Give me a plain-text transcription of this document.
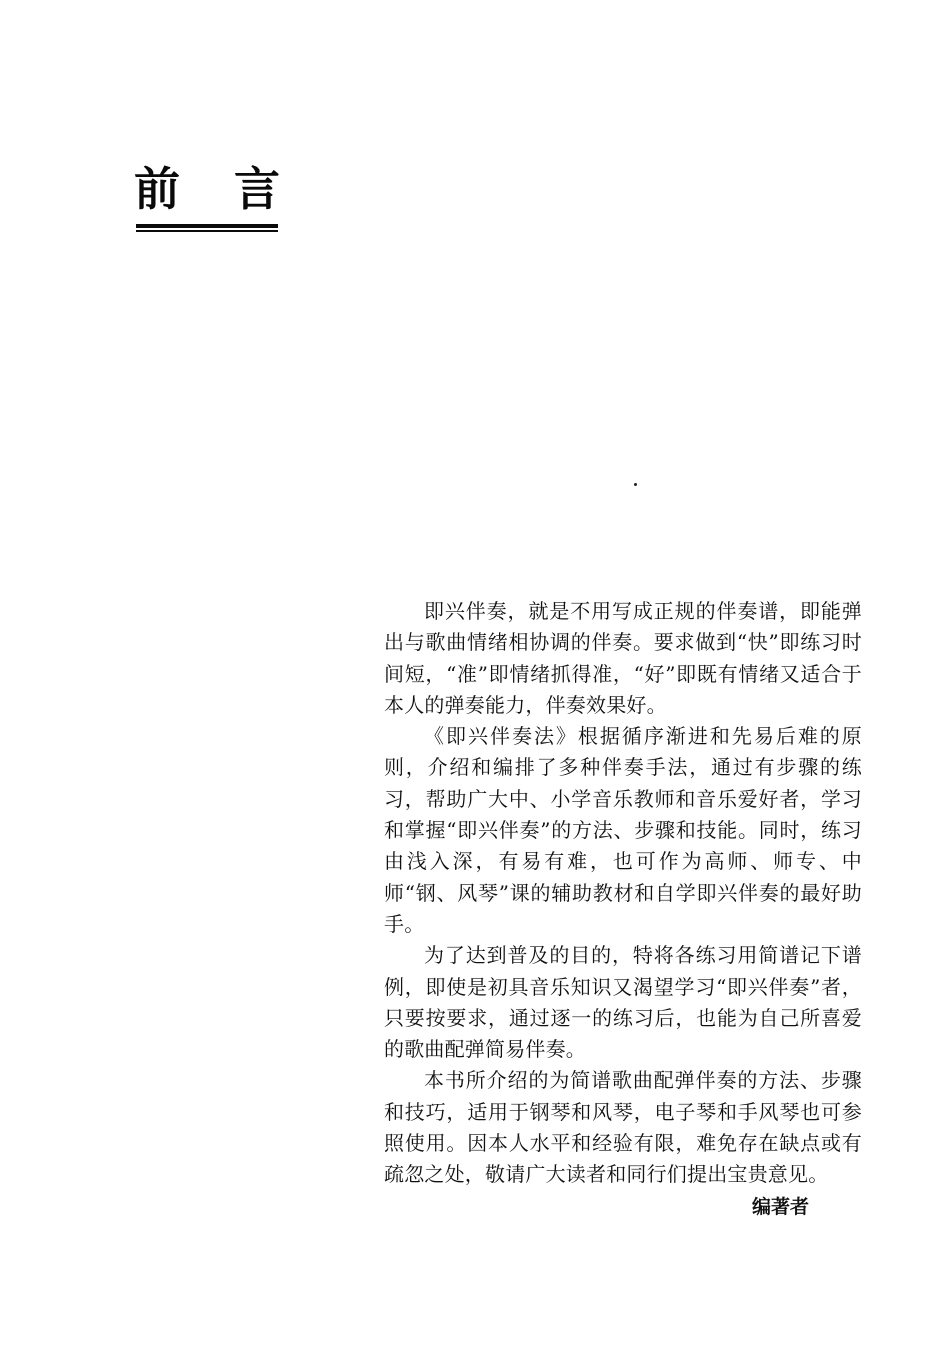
前 言

即兴伴奏，就是不用写成正规的伴奏谱，即能弹出与歌曲情绪相协调的伴奏。要求做到“快”即练习时间短，“准”即情绪抓得准，“好”即既有情绪又适合于本人的弹奏能力，伴奏效果好。

《即兴伴奏法》根据循序渐进和先易后难的原则，介绍和编排了多种伴奏手法，通过有步骤的练习，帮助广大中、小学音乐教师和音乐爱好者，学习和掌握“即兴伴奏”的方法、步骤和技能。同时，练习由浅入深，有易有难，也可作为高师、师专、中师“钢、风琴”课的辅助教材和自学即兴伴奏的最好助手。

为了达到普及的目的，特将各练习用简谱记下谱例，即使是初具音乐知识又渴望学习“即兴伴奏”者，只要按要求，通过逐一的练习后，也能为自己所喜爱的歌曲配弹简易伴奏。

本书所介绍的为简谱歌曲配弹伴奏的方法、步骤和技巧，适用于钢琴和风琴，电子琴和手风琴也可参照使用。因本人水平和经验有限，难免存在缺点或有疏忽之处，敬请广大读者和同行们提出宝贵意见。

编著者
